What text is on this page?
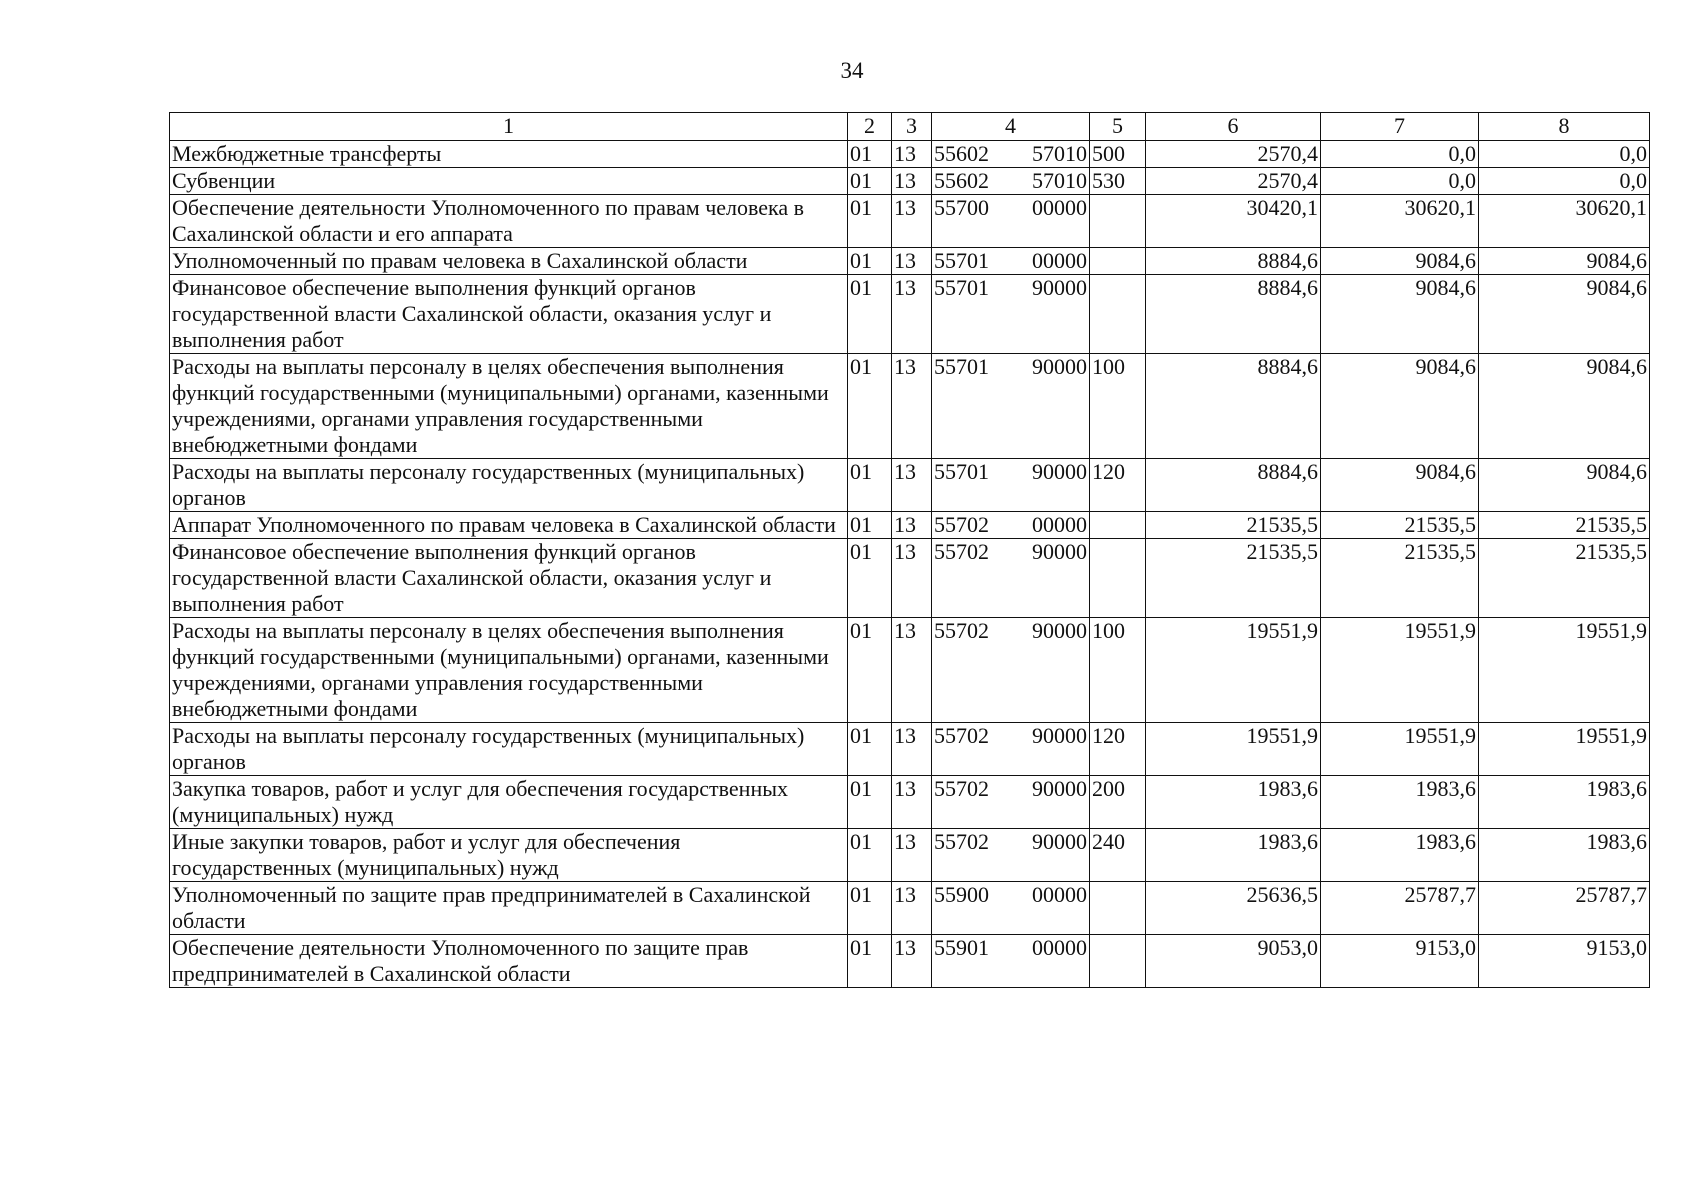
34
1	2	3	4	5	6	7	8
Межбюджетные трансферты	01	13	55602 57010	500	2570,4	0,0	0,0
Субвенции	01	13	55602 57010	530	2570,4	0,0	0,0
Обеспечение деятельности Уполномоченного по правам человека в Сахалинской области и его аппарата	01	13	55700 00000		30420,1	30620,1	30620,1
Уполномоченный по правам человека в Сахалинской области	01	13	55701 00000		8884,6	9084,6	9084,6
Финансовое обеспечение выполнения функций органов государственной власти Сахалинской области, оказания услуг и выполнения работ	01	13	55701 90000		8884,6	9084,6	9084,6
Расходы на выплаты персоналу в целях обеспечения выполнения функций государственными (муниципальными) органами, казенными учреждениями, органами управления государственными внебюджетными фондами	01	13	55701 90000	100	8884,6	9084,6	9084,6
Расходы на выплаты персоналу государственных (муниципальных) органов	01	13	55701 90000	120	8884,6	9084,6	9084,6
Аппарат Уполномоченного по правам человека в Сахалинской области	01	13	55702 00000		21535,5	21535,5	21535,5
Финансовое обеспечение выполнения функций органов государственной власти Сахалинской области, оказания услуг и выполнения работ	01	13	55702 90000		21535,5	21535,5	21535,5
Расходы на выплаты персоналу в целях обеспечения выполнения функций государственными (муниципальными) органами, казенными учреждениями, органами управления государственными внебюджетными фондами	01	13	55702 90000	100	19551,9	19551,9	19551,9
Расходы на выплаты персоналу государственных (муниципальных) органов	01	13	55702 90000	120	19551,9	19551,9	19551,9
Закупка товаров, работ и услуг для обеспечения государственных (муниципальных) нужд	01	13	55702 90000	200	1983,6	1983,6	1983,6
Иные закупки товаров, работ и услуг для обеспечения государственных (муниципальных) нужд	01	13	55702 90000	240	1983,6	1983,6	1983,6
Уполномоченный по защите прав предпринимателей в Сахалинской области	01	13	55900 00000		25636,5	25787,7	25787,7
Обеспечение деятельности Уполномоченного по защите прав предпринимателей в Сахалинской области	01	13	55901 00000		9053,0	9153,0	9153,0
